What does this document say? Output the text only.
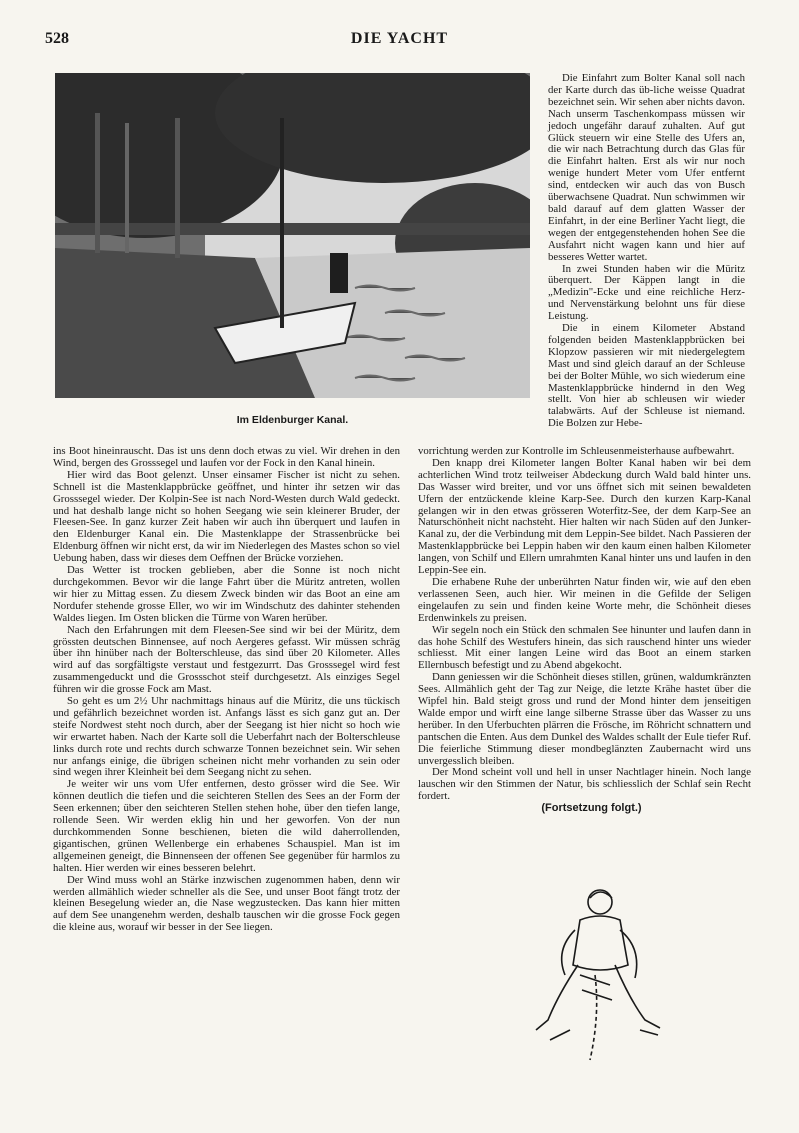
528	DIE YACHT
Im Eldenburger Kanal.

Die Einfahrt zum Bolter Kanal soll nach der Karte durch das üb-liche weisse Quadrat bezeichnet sein. Wir sehen aber nichts davon. Nach unserm Taschenkompass müssen wir jedoch ungefähr darauf zuhalten. Auf gut Glück steuern wir eine Stelle des Ufers an, die wir nach Betrachtung durch das Glas für die Einfahrt halten. Erst als wir nur noch wenige hundert Meter vom Ufer entfernt sind, entdecken wir auch das von Busch überwachsene Quadrat. Nun schwimmen wir bald darauf auf dem glatten Wasser der Einfahrt, in der eine Berliner Yacht liegt, die wegen der entgegenstehenden hohen See die Ausfahrt nicht wagen kann und hier auf besseres Wetter wartet.

In zwei Stunden haben wir die Müritz überquert. Der Käppen langt in die „Medizin"-Ecke und eine reichliche Herz- und Nervenstärkung belohnt uns für diese Leistung.

Die in einem Kilometer Abstand folgenden beiden Mastenklappbrücken bei Klopzow passieren wir mit niedergelegtem Mast und sind gleich darauf an der Schleuse bei der Bolter Mühle, wo sich wiederum eine Mastenklappbrücke hindernd in den Weg stellt. Von hier ab schleusen wir wieder talabwärts. Auf der Schleuse ist niemand. Die Bolzen zur Hebe-

ins Boot hineinrauscht. Das ist uns denn doch etwas zu viel. Wir drehen in den Wind, bergen des Grosssegel und laufen vor der Fock in den Kanal hinein.

Hier wird das Boot gelenzt. Unser einsamer Fischer ist nicht zu sehen. Schnell ist die Mastenklappbrücke geöffnet, und hinter ihr setzen wir das Grosssegel wieder. Der Kolpin-See ist nach Nord-Westen durch Wald gedeckt. und hat deshalb lange nicht so hohen Seegang wie sein kleinerer Bruder, der Fleesen-See. In ganz kurzer Zeit haben wir auch ihn überquert und laufen in den Eldenburger Kanal ein. Die Mastenklappe der Strassenbrücke bei Eldenburg öffnen wir nicht erst, da wir im Niederlegen des Mastes schon so viel Uebung haben, dass wir dieses dem Oeffnen der Brücke vorziehen.

Das Wetter ist trocken geblieben, aber die Sonne ist noch nicht durchgekommen. Bevor wir die lange Fahrt über die Müritz antreten, wollen wir hier zu Mittag essen. Zu diesem Zweck binden wir das Boot an eine am Nordufer stehende grosse Eller, wo wir im Windschutz des dahinter stehenden Waldes liegen. Im Osten blicken die Türme von Waren herüber.

Nach den Erfahrungen mit dem Fleesen-See sind wir bei der Müritz, dem grössten deutschen Binnensee, auf noch Aergeres gefasst. Wir müssen schräg über ihn hinüber nach der Bolterschleuse, das sind über 20 Kilometer. Alles wird auf das sorgfältigste verstaut und festgezurrt. Das Grosssegel wird fest zusammengeduckt und die Grossschot steif durchgesetzt. Als einziges Segel führen wir die grosse Fock am Mast.

So geht es um 2½ Uhr nachmittags hinaus auf die Müritz, die uns tückisch und gefährlich bezeichnet worden ist. Anfangs lässt es sich ganz gut an. Der steife Nordwest steht noch durch, aber der Seegang ist hier nicht so hoch wie wir erwartet haben. Nach der Karte soll die Ueberfahrt nach der Bolterschleuse links durch rote und rechts durch schwarze Tonnen bezeichnet sein. Wir sehen nur anfangs einige, die übrigen scheinen nicht mehr vorhanden zu sein oder sind wegen ihrer Kleinheit bei dem Seegang nicht zu sehen.

Je weiter wir uns vom Ufer entfernen, desto grösser wird die See. Wir können deutlich die tiefen und die seichteren Stellen des Sees an der Form der Seen erkennen; über den seichteren Stellen stehen hohe, über den tiefen lange, rollende Seen. Wir werden eklig hin und her geworfen. Von der nun durchkommenden Sonne beschienen, bieten die wild daherrollenden, gigantischen, grünen Wellenberge ein erhabenes Schauspiel. Man ist im allgemeinen geneigt, die Binnenseen der offenen See gegenüber für harmlos zu halten. Hier werden wir eines besseren belehrt.

Der Wind muss wohl an Stärke inzwischen zugenommen haben, denn wir werden allmählich wieder schneller als die See, und unser Boot fängt trotz der kleinen Besegelung wieder an, die Nase wegzustecken. Das kann hier mitten auf dem See unangenehm werden, deshalb tauschen wir die grosse Fock gegen die kleine aus, worauf wir besser in der See liegen.

vorrichtung werden zur Kontrolle im Schleusenmeisterhause aufbewahrt.

Den knapp drei Kilometer langen Bolter Kanal haben wir bei dem achterlichen Wind trotz teilweiser Abdeckung durch Wald bald hinter uns. Das Wasser wird breiter, und vor uns öffnet sich mit seinen bewaldeten Ufern der entzückende kleine Karp-See. Durch den kurzen Karp-Kanal gelangen wir in den etwas grösseren Woterfitz-See, der dem Karp-See an Naturschönheit nicht nachsteht. Hier halten wir nach Süden auf den Junker-Kanal zu, der die Verbindung mit dem Leppin-See bildet. Nach Passieren der Mastenklappbrücke bei Leppin haben wir den kaum einen halben Kilometer langen, von Schilf und Ellern umrahmten Kanal hinter uns und laufen in den Leppin-See ein.

Die erhabene Ruhe der unberührten Natur finden wir, wie auf den eben verlassenen Seen, auch hier. Wir meinen in die Gefilde der Seligen eingelaufen zu sein und finden keine Worte mehr, die Schönheit dieses Erdenwinkels zu preisen.

Wir segeln noch ein Stück den schmalen See hinunter und laufen dann in das hohe Schilf des Westufers hinein, das sich rauschend hinter uns wieder schliesst. Mit einer langen Leine wird das Boot an einem starken Ellernbusch befestigt und zu Abend abgekocht.

Dann geniessen wir die Schönheit dieses stillen, grünen, waldumkränzten Sees. Allmählich geht der Tag zur Neige, die letzte Krähe hastet über die Wipfel hin. Bald steigt gross und rund der Mond hinter dem jenseitigen Walde empor und wirft eine lange silberne Strasse über das Wasser zu uns herüber. In den Uferbuchten plärren die Frösche, im Röhricht schnattern und pantschen die Enten. Aus dem Dunkel des Waldes schallt der Eule tiefer Ruf. Die feierliche Stimmung dieser mondbeglänzten Zaubernacht wird uns unvergesslich bleiben.

Der Mond scheint voll und hell in unser Nachtlager hinein. Noch lange lauschen wir den Stimmen der Natur, bis schliesslich der Schlaf sein Recht fordert.

(Fortsetzung folgt.)
